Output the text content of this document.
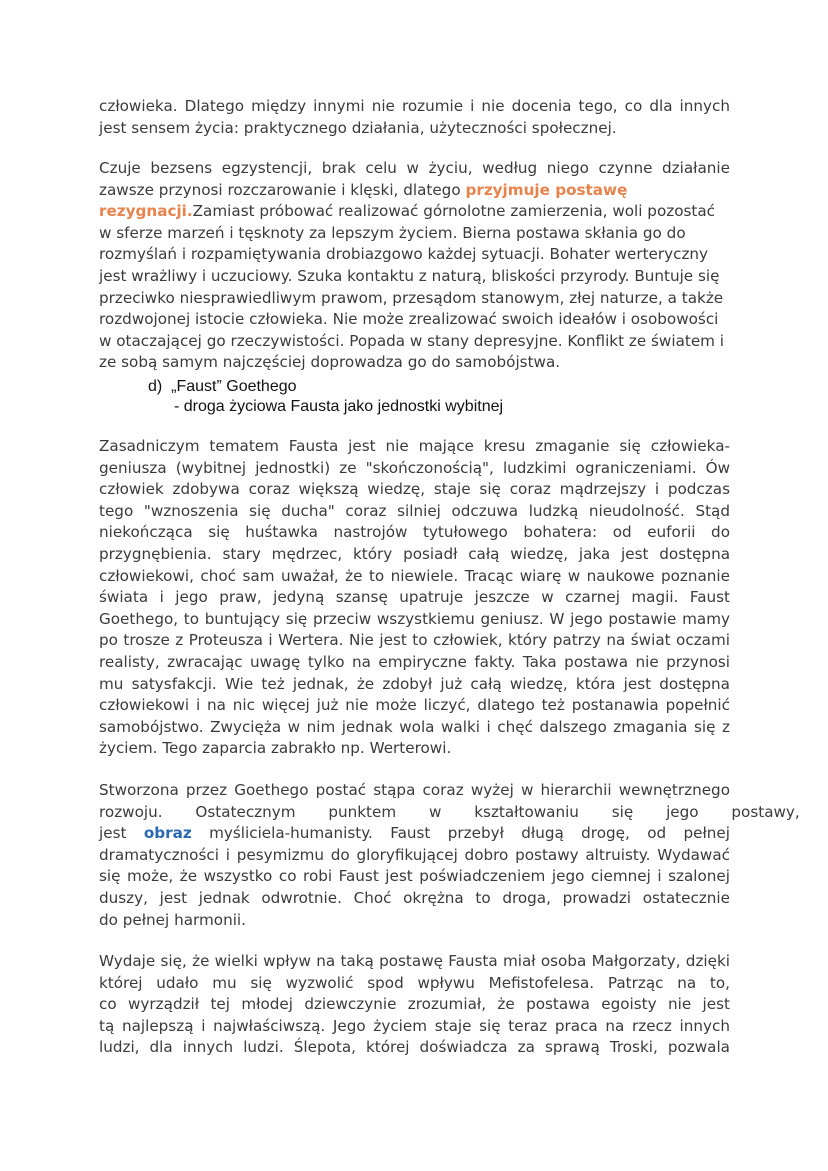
człowieka. Dlatego między innymi nie rozumie i nie docenia tego, co dla innych
jest sensem życia: praktycznego działania, użyteczności społecznej.
Czuje bezsens egzystencji, brak celu w życiu, według niego czynne działanie
zawsze przynosi rozczarowanie i klęski, dlatego przyjmuje postawę
rezygnacji.Zamiast próbować realizować górnolotne zamierzenia, woli pozostać
w sferze marzeń i tęsknoty za lepszym życiem. Bierna postawa skłania go do
rozmyślań i rozpamiętywania drobiazgowo każdej sytuacji. Bohater werteryczny
jest wrażliwy i uczuciowy. Szuka kontaktu z naturą, bliskości przyrody. Buntuje się
przeciwko niesprawiedliwym prawom, przesądom stanowym, złej naturze, a także
rozdwojonej istocie człowieka. Nie może zrealizować swoich ideałów i osobowości
w otaczającej go rzeczywistości. Popada w stany depresyjne. Konflikt ze światem i
ze sobą samym najczęściej doprowadza go do samobójstwa.
d) „Faust” Goethego
- droga życiowa Fausta jako jednostki wybitnej
Zasadniczym tematem Fausta jest nie mające kresu zmaganie się człowieka-
geniusza (wybitnej jednostki) ze "skończonością", ludzkimi ograniczeniami. Ów
człowiek zdobywa coraz większą wiedzę, staje się coraz mądrzejszy i podczas
tego "wznoszenia się ducha" coraz silniej odczuwa ludzką nieudolność. Stąd
niekończąca się huśtawka nastrojów tytułowego bohatera: od euforii do
przygnębienia. stary mędrzec, który posiadł całą wiedzę, jaka jest dostępna
człowiekowi, choć sam uważał, że to niewiele. Tracąc wiarę w naukowe poznanie
świata i jego praw, jedyną szansę upatruje jeszcze w czarnej magii. Faust
Goethego, to buntujący się przeciw wszystkiemu geniusz. W jego postawie mamy
po trosze z Proteusza i Wertera. Nie jest to człowiek, który patrzy na świat oczami
realisty, zwracając uwagę tylko na empiryczne fakty. Taka postawa nie przynosi
mu satysfakcji. Wie też jednak, że zdobył już całą wiedzę, która jest dostępna
człowiekowi i na nic więcej już nie może liczyć, dlatego też postanawia popełnić
samobójstwo. Zwycięża w nim jednak wola walki i chęć dalszego zmagania się z
życiem. Tego zaparcia zabrakło np. Werterowi.
Stworzona przez Goethego postać stąpa coraz wyżej w hierarchii wewnętrznego
rozwoju. Ostatecznym punktem w kształtowaniu się jego postawy,
jest obraz myśliciela-humanisty. Faust przebył długą drogę, od pełnej
dramatyczności i pesymizmu do gloryfikującej dobro postawy altruisty. Wydawać
się może, że wszystko co robi Faust jest poświadczeniem jego ciemnej i szalonej
duszy, jest jednak odwrotnie. Choć okrężna to droga, prowadzi ostatecznie
do pełnej harmonii.
Wydaje się, że wielki wpływ na taką postawę Fausta miał osoba Małgorzaty, dzięki
której udało mu się wyzwolić spod wpływu Mefistofelesa. Patrząc na to,
co wyrządził tej młodej dziewczynie zrozumiał, że postawa egoisty nie jest
tą najlepszą i najwłaściwszą. Jego życiem staje się teraz praca na rzecz innych
ludzi, dla innych ludzi. Ślepota, której doświadcza za sprawą Troski, pozwala
